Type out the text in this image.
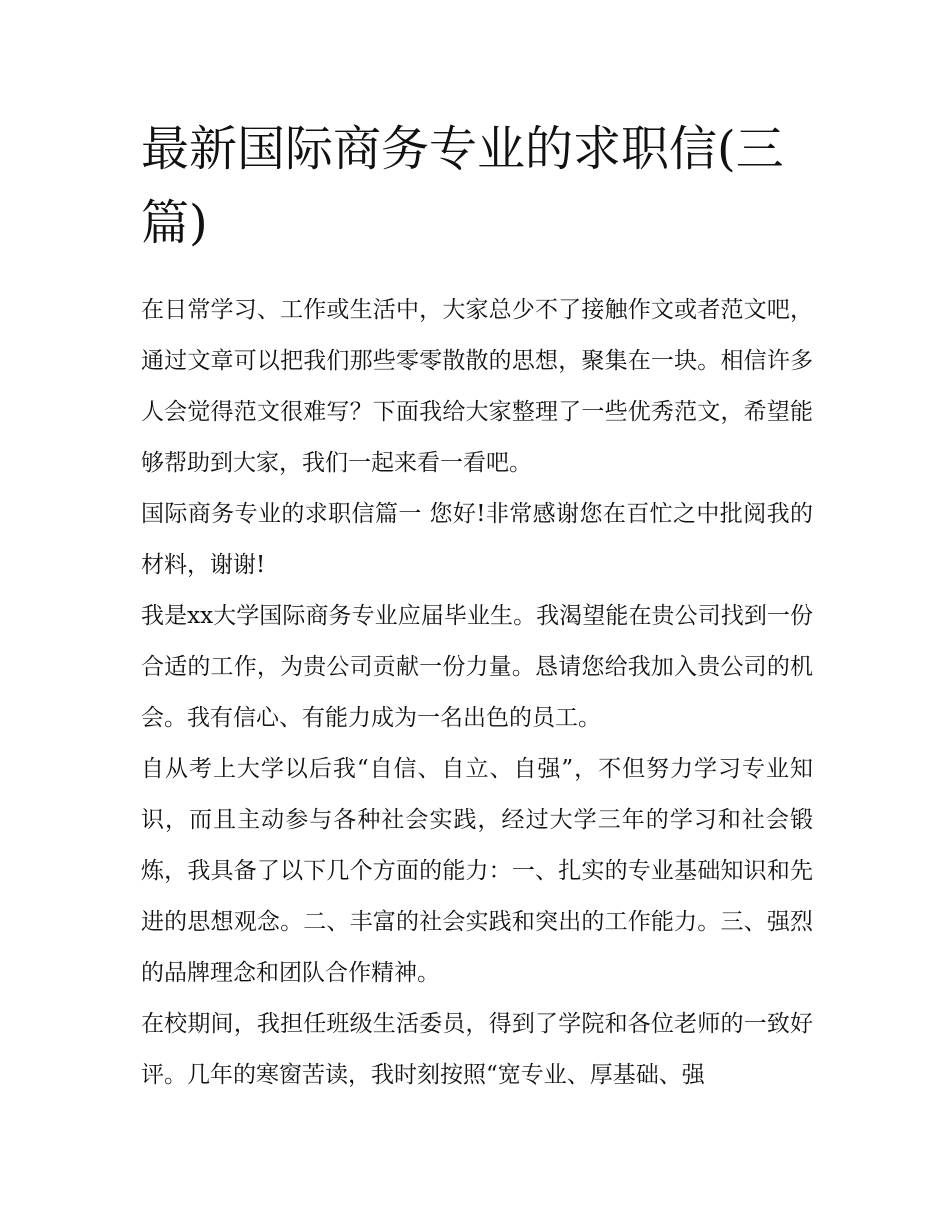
最新国际商务专业的求职信(三篇)

在日常学习、工作或生活中，大家总少不了接触作文或者范文吧，通过文章可以把我们那些零零散散的思想，聚集在一块。相信许多人会觉得范文很难写？下面我给大家整理了一些优秀范文，希望能够帮助到大家，我们一起来看一看吧。

国际商务专业的求职信篇一 您好!非常感谢您在百忙之中批阅我的材料，谢谢!

我是xx大学国际商务专业应届毕业生。我渴望能在贵公司找到一份合适的工作，为贵公司贡献一份力量。恳请您给我加入贵公司的机会。我有信心、有能力成为一名出色的员工。

自从考上大学以后我“自信、自立、自强”，不但努力学习专业知识，而且主动参与各种社会实践，经过大学三年的学习和社会锻炼，我具备了以下几个方面的能力：一、扎实的专业基础知识和先进的思想观念。二、丰富的社会实践和突出的工作能力。三、强烈的品牌理念和团队合作精神。

在校期间，我担任班级生活委员，得到了学院和各位老师的一致好评。几年的寒窗苦读，我时刻按照“宽专业、厚基础、强
